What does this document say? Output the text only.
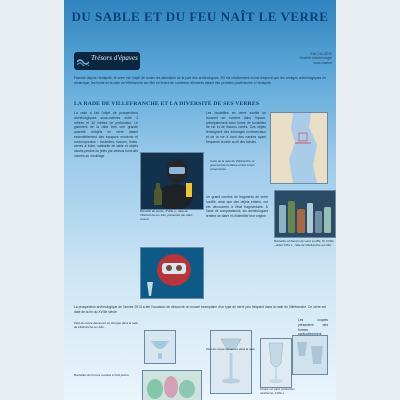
DU SABLE ET DU FEU NAÎT LE VERRE
Trésors d'épaves	Eric DULIÈRE
Société d'archéologie
sous-marine

Fasciné depuis l'Antiquité, le verre est l'objet de toutes les attentions de la part des archéologues. S'il est relativement moins fréquent que les vestiges archéologiques en céramique, les fonds de la rade de Villefranche-sur-Mer en livrent de nombreux éléments datant des périodes postérieures à l'Antiquité.

LA RADE DE VILLEFRANCHE ET LA DIVERSITÉ DE SES VERRES

La rade a fait l'objet de prospections archéologiques sous-marines entre 3 mètres et 30 mètres de profondeur. Le gisement de la rade livre une grande quantité d'objets en verre datant essentiellement des époques moderne et contemporaine : bouteilles, flacons, fioles, verres à boire, vaisselle de table et objets usuels perdus ou jetés par-dessus bord des navires au mouillage.

Les bouteilles en verre soufflé se trouvent en nombre dans l'épave, principalement sous forme de bouteilles de vin et de flacons carrés. Ces objets témoignent des échanges commerciaux et de la vie à bord des navires ayant fréquenté la rade au fil des siècles.

Un grand nombre de fragments de verre soufflé, ainsi que des objets entiers, ont été découverts à l'état fragmentaire. À l'aide de comparaisons, les archéologues tentent de dater et d'identifier leur origine.

La prospection archéologique de l'année 2013 a été l'occasion de découvrir un nouvel exemplaire d'un type de verre peu fréquent dans la rade de Villefranche. Ce verre est daté de la fin du XVIIIe siècle.

Les coupes présentent des formes

Bouteille de poche, XVIIIe s., rade de Villefranche-sur-Mer, présentée par Alain Cassin.

Pied de coupe découvert en plongée dans la rade de Villefranche-sur-Mer.

Carte de la rade de Villefranche, le gisement de la Darse et des zones prospectées.

Bouteilles et flacons de verre soufflé, fin XVIIIe - début XIXe s., rade de Villefranche-sur-Mer.

Bouteilles de formes ovoïdes à fond pointu.

Pied de coupe découvert dans la rade.

Coupe sur pied, production vénitienne, XVIIe s.
